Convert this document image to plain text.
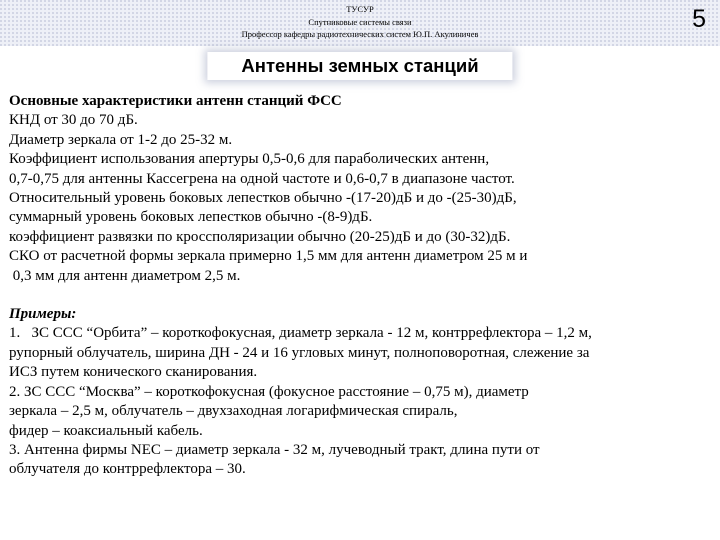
ТУСУР
Спутниковые системы связи
Профессор кафедры радиотехнических систем Ю.П. Акулиничев
5
Антенны земных станций
Основные характеристики антенн станций ФСС
КНД от 30 до 70 дБ.
Диаметр зеркала от 1-2 до 25-32 м.
Коэффициент использования апертуры 0,5-0,6 для параболических антенн,
0,7-0,75 для антенны Кассегрена на одной частоте и 0,6-0,7 в диапазоне частот.
Относительный уровень боковых лепестков обычно -(17-20)дБ и до -(25-30)дБ,
суммарный уровень боковых лепестков обычно -(8-9)дБ.
коэффициент развязки по кроссполяризации обычно (20-25)дБ и до (30-32)дБ.
СКО от расчетной формы зеркала примерно 1,5 мм для антенн диаметром 25 м и
0,3 мм для антенн диаметром 2,5 м.
Примеры:
1.   ЗС ССС “Орбита” – короткофокусная, диаметр зеркала - 12 м, контррефлектора – 1,2 м,
рупорный облучатель, ширина ДН - 24 и 16 угловых минут, полноповоротная, слежение за
ИСЗ путем конического сканирования.
2. ЗС ССС “Москва” – короткофокусная (фокусное расстояние – 0,75 м), диаметр
зеркала – 2,5 м, облучатель – двухзаходная логарифмическая спираль,
фидер – коаксиальный кабель.
3. Антенна фирмы NEC – диаметр зеркала - 32 м, лучеводный тракт, длина пути от
облучателя до контррефлектора – 30.
